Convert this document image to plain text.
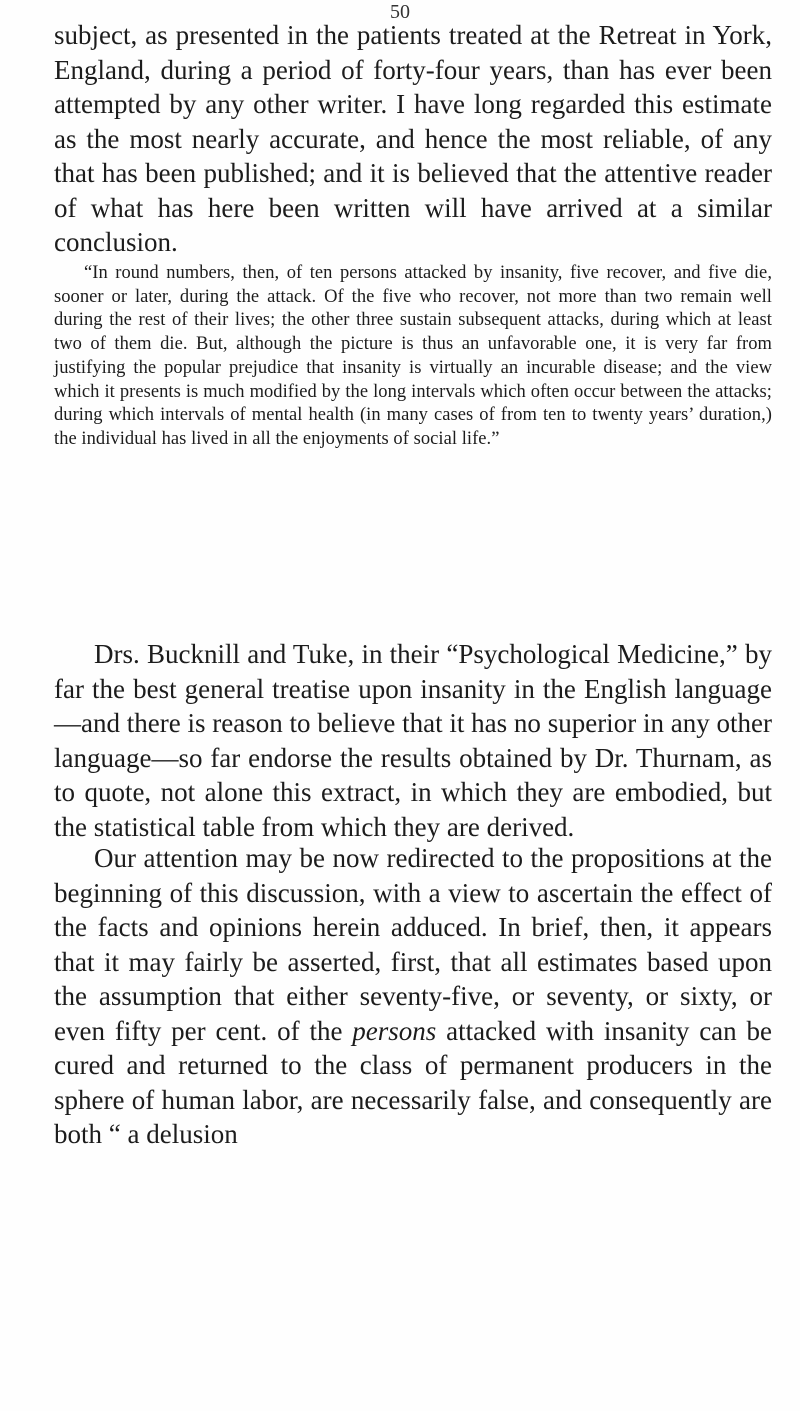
50

subject, as presented in the patients treated at the Retreat in York, England, during a period of forty-four years, than has ever been attempted by any other writer. I have long regarded this estimate as the most nearly accurate, and hence the most reliable, of any that has been published; and it is believed that the attentive reader of what has here been written will have arrived at a similar conclusion.

“In round numbers, then, of ten persons attacked by insanity, five recover, and five die, sooner or later, during the attack. Of the five who recover, not more than two remain well during the rest of their lives; the other three sustain subsequent attacks, during which at least two of them die. But, although the picture is thus an unfavorable one, it is very far from justifying the popular prejudice that insanity is virtually an incurable disease; and the view which it presents is much modified by the long intervals which often occur between the attacks; during which intervals of mental health (in many cases of from ten to twenty years’ duration,) the individual has lived in all the enjoyments of social life.”

Drs. Bucknill and Tuke, in their “Psychological Medicine,” by far the best general treatise upon insanity in the English language—and there is reason to believe that it has no superior in any other language—so far endorse the results obtained by Dr. Thurnam, as to quote, not alone this extract, in which they are embodied, but the statistical table from which they are derived.

Our attention may be now redirected to the propositions at the beginning of this discussion, with a view to ascertain the effect of the facts and opinions herein adduced. In brief, then, it appears that it may fairly be asserted, first, that all estimates based upon the assumption that either seventy-five, or seventy, or sixty, or even fifty per cent. of the persons attacked with insanity can be cured and returned to the class of permanent producers in the sphere of human labor, are necessarily false, and consequently are both “ a delusion
